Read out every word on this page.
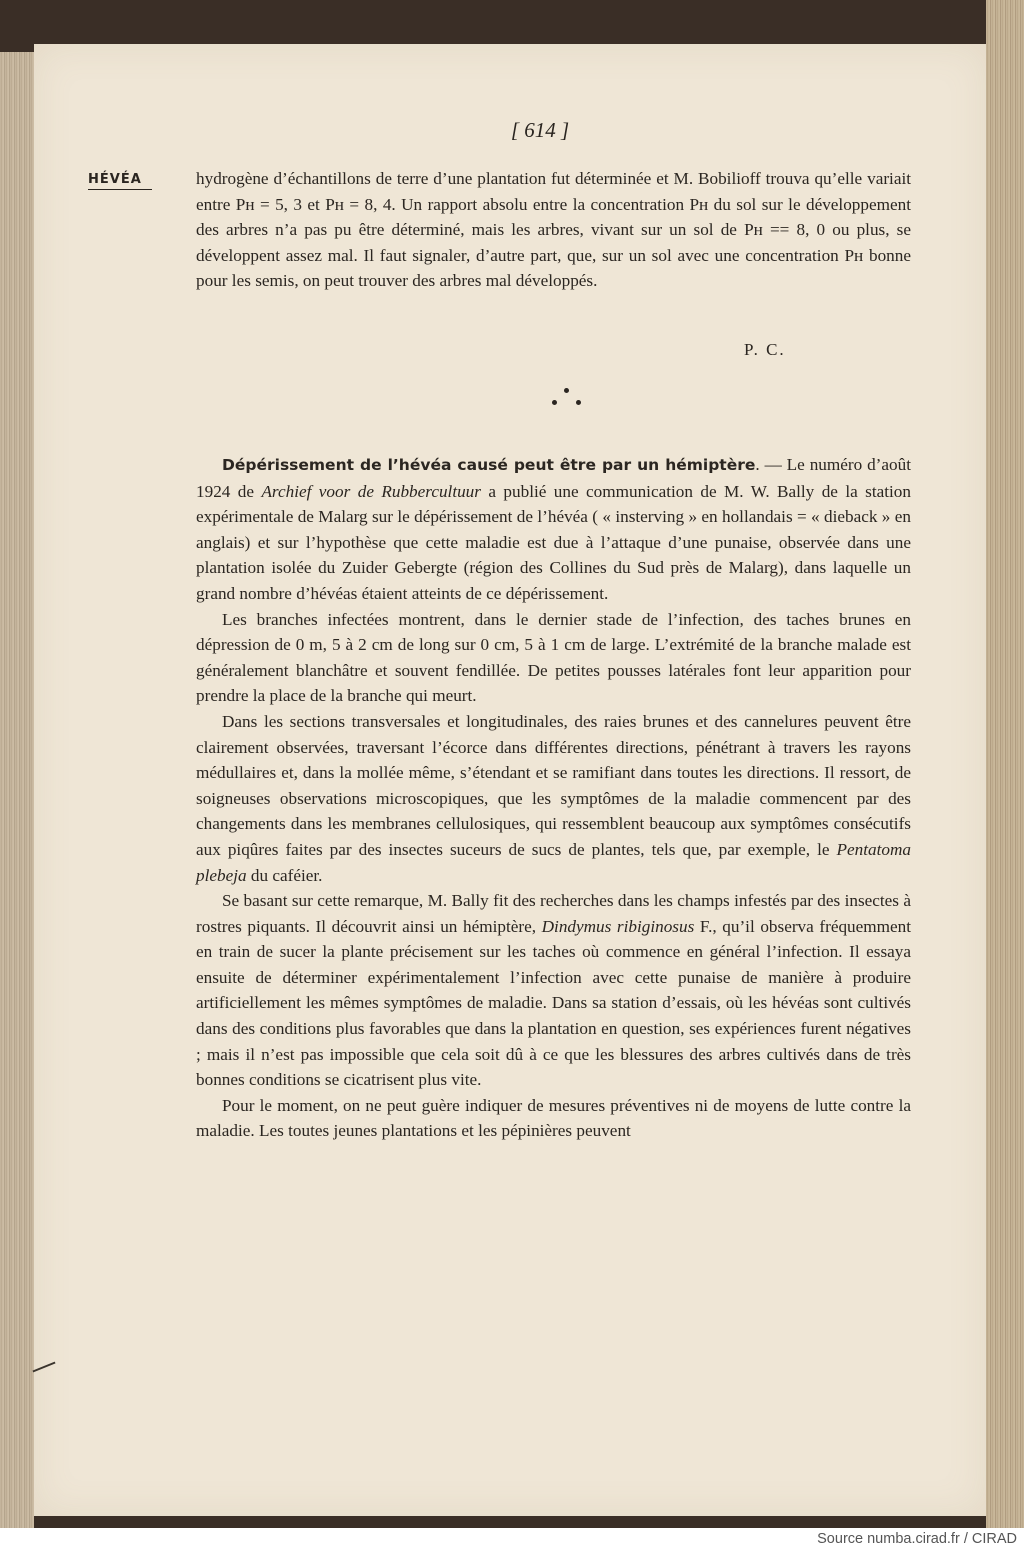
[ 614 ]
HÉVÉA	hydrogène d’échantillons de terre d’une plantation fut déterminée et M. Bobilioff trouva qu’elle variait entre Pн = 5, 3 et Pн = 8, 4. Un rapport absolu entre la concentration Pн du sol sur le développement des arbres n’a pas pu être déterminé, mais les arbres, vivant sur un sol de Pн == 8, 0 ou plus, se développent assez mal. Il faut signaler, d’autre part, que, sur un sol avec une concentration Pн bonne pour les semis, on peut trouver des arbres mal développés.

P. C.

Dépérissement de l’hévéa causé peut être par un hémiptère. — Le numéro d’août 1924 de Archief voor de Rubbercultuur a publié une communication de M. W. Bally de la station expérimentale de Malarg sur le dépérissement de l’hévéa ( « insterving » en hollandais = « dieback » en anglais) et sur l’hypothèse que cette maladie est due à l’attaque d’une punaise, observée dans une plantation isolée du Zuider Gebergte (région des Collines du Sud près de Malarg), dans laquelle un grand nombre d’hévéas étaient atteints de ce dépérissement.

Les branches infectées montrent, dans le dernier stade de l’infection, des taches brunes en dépression de 0 m, 5 à 2 cm de long sur 0 cm, 5 à 1 cm de large. L’extrémité de la branche malade est généralement blanchâtre et souvent fendillée. De petites pousses latérales font leur apparition pour prendre la place de la branche qui meurt.

Dans les sections transversales et longitudinales, des raies brunes et des cannelures peuvent être clairement observées, traversant l’écorce dans différentes directions, pénétrant à travers les rayons médullaires et, dans la mollée même, s’étendant et se ramifiant dans toutes les directions. Il ressort, de soigneuses observations microscopiques, que les symptômes de la maladie commencent par des changements dans les membranes cellulosiques, qui ressemblent beaucoup aux symptômes consécutifs aux piqûres faites par des insectes suceurs de sucs de plantes, tels que, par exemple, le Pentatoma plebeja du caféier.

Se basant sur cette remarque, M. Bally fit des recherches dans les champs infestés par des insectes à rostres piquants. Il découvrit ainsi un hémiptère, Dindymus ribiginosus F., qu’il observa fréquemment en train de sucer la plante précisement sur les taches où commence en général l’infection. Il essaya ensuite de déterminer expérimentalement l’infection avec cette punaise de manière à produire artificiellement les mêmes symptômes de maladie. Dans sa station d’essais, où les hévéas sont cultivés dans des conditions plus favorables que dans la plantation en question, ses expériences furent négatives ; mais il n’est pas impossible que cela soit dû à ce que les blessures des arbres cultivés dans de très bonnes conditions se cicatrisent plus vite.

Pour le moment, on ne peut guère indiquer de mesures préventives ni de moyens de lutte contre la maladie. Les toutes jeunes plantations et les pépinières peuvent

Source numba.cirad.fr / CIRAD
